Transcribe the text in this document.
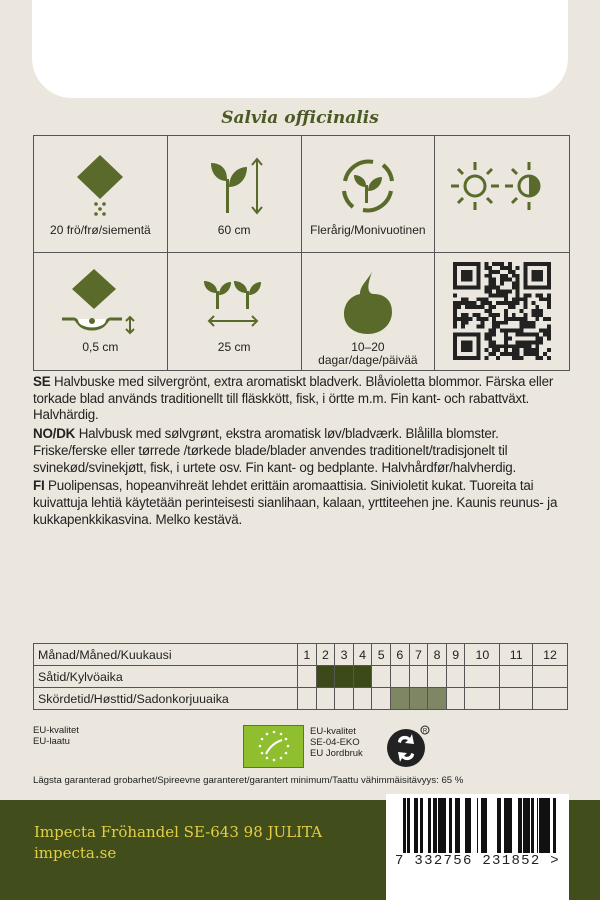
Salvia officinalis
20 frö/frø/siementä	60 cm	Flerårig/Monivuotinen
0,5 cm	25 cm	10–20
dagar/dage/päivää

SE Halvbuske med silvergrönt, extra aromatiskt bladverk. Blåvioletta blommor. Färska eller torkade blad används traditionellt till fläskkött, fisk, i örtte m.m. Fin kant- och rabattväxt. Halvhärdig.

NO/DK Halvbusk med sølvgrønt, ekstra aromatisk løv/bladværk. Blålilla blomster. Friske/ferske eller tørrede /tørkede blade/blader anvendes traditionelt/tradisjonelt til svinekød/svinekjøtt, fisk, i urtete osv. Fin kant- og bedplante. Halvhårdfør/halvherdig.

FI Puolipensas, hopeanvihreät lehdet erittäin aromaattisia. Sinivioletit kukat. Tuoreita tai kuivattuja lehtiä käytetään perinteisesti sianlihaan, kalaan, yrttiteehen jne. Kaunis reunus- ja kukkapenkkikasvina. Melko kestävä.

Månad/Måned/Kuukausi	1	2	3	4	5	6	7	8	9	10	11	12
Såtid/Kylvöaika												
Skördetid/Høsttid/Sadonkorjuuaika												
EU-kvalitet
EU-laatu
EU-kvalitet
SE-04-EKO
EU Jordbruk
R
Lägsta garanterad grobarhet/Spireevne garanteret/garantert minimum/Taattu vähimmäisitävyys: 65 %
Impecta Fröhandel SE-643 98 JULITA
impecta.se	7 332756 231852 >
